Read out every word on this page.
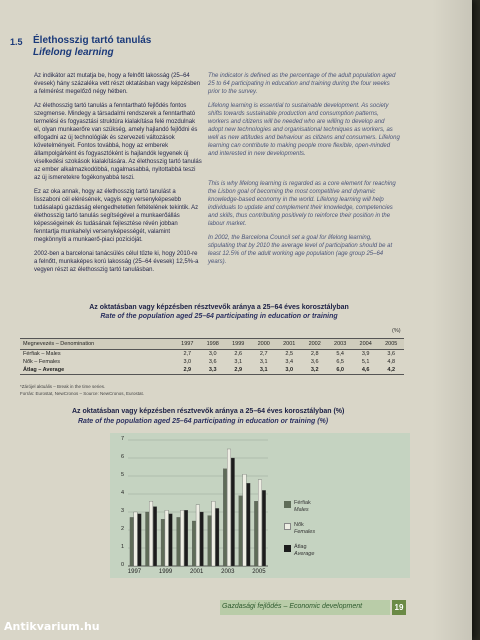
1.5 Élethosszig tartó tanulás
Lifelong learning

Az indikátor azt mutatja be, hogy a felnőtt lakosság (25–64 évesek) hány százaléka vett részt oktatásban vagy képzésben a felmérést megelőző négy hétben.

Az élethosszig tartó tanulás a fenntartható fejlődés fontos szegmense. Mindegy a társadalmi rendszerek a fenntartható termelési és fogyasztási struktúra kialakítása felé mozdulnak el, olyan munkaerőre van szükség, amely hajlandó fejlődni és elfogadni az új technológiák és szervezeti változások követelményeit. Fontos továbbá, hogy az emberek állampolgárként és fogyasztóként is hajlandók legyenek új viselkedési szokások kialakítására. Az élethosszig tartó tanulás az ember alkalmazkodóbbá, rugalmasabbá, nyitottabbá teszi az új ismeretekre fogékonyabbá teszi.

Ez az oka annak, hogy az élethosszig tartó tanulást a lisszaboni cél elérésének, vagyis egy versenyképesebb tudásalapú gazdaság elengedhetetlen feltételének tekintik. Az élethosszig tartó tanulás segítségével a munkaerőállás képességeinek és tudásának fejlesztése révén jobban fenntartja munkahelyi versenyképességét, valamint megkönnyíti a munkaerő-piaci pozícióját.

2002-ben a barcelonai tanácsülés célul tűzte ki, hogy 2010-re a felnőtt, munkaképes korú lakosság (25–64 évesek) 12,5%-a vegyen részt az élethosszig tartó tanulásban.

The indicator is defined as the percentage of the adult population aged 25 to 64 participating in education and training during the four weeks prior to the survey.

Lifelong learning is essential to sustainable development. As society shifts towards sustainable production and consumption patterns, workers and citizens will be needed who are willing to develop and adopt new technologies and organisational techniques as workers, as well as new attitudes and behaviour as citizens and consumers. Lifelong learning can contribute to making people more flexible, open-minded and interested in new developments.

This is why lifelong learning is regarded as a core element for reaching the Lisbon goal of becoming the most competitive and dynamic knowledge-based economy in the world. Lifelong learning will help individuals to update and complement their knowledge, competencies and skills, thus contributing positively to reinforce their position in the labour market.

In 2002, the Barcelona Council set a goal for lifelong learning, stipulating that by 2010 the average level of participation should be at least 12.5% of the adult working age population (age group 25–64 years).

Az oktatásban vagy képzésben résztvevők aránya a 25–64 éves korosztályban
Rate of the population aged 25–64 participating in education or training
(%)
Megnevezés – Denomination	1997	1998	1999	2000	2001	2002	2003	2004	2005
Férfiak – Males	2,7	3,0	2,6	2,7	2,5	2,8	5,4	3,9	3,6
Nők – Females	3,0	3,6	3,1	3,1	3,4	3,6	6,5	5,1	4,8
Átlag – Average	2,9	3,3	2,9	3,1	3,0	3,2	6,0	4,6	4,2
*Zárójel aktuális – Break in the time series.
Forrás: Eurostat, NewCronos – Source: NewCronos, Eurostat.
Az oktatásban vagy képzésben résztvevők aránya a 25–64 éves korosztályban (%)
Rate of the population aged 25–64 participating in education or training (%)
0
1
2
3
4
5
6
7
1997	1999	2001	2003	2005
Férfiak
Males
Nők
Females
Átlag
Average
Gazdasági fejlődés – Economic development	19
Antikvarium.hu
